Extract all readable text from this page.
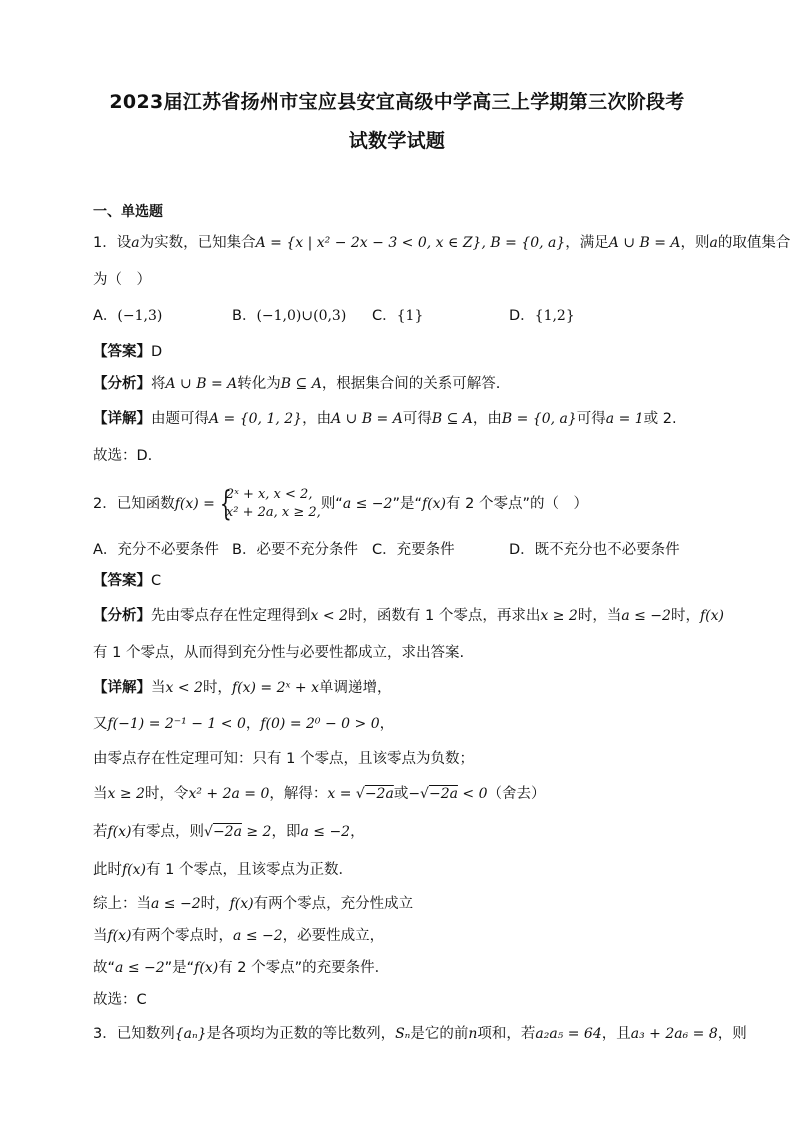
2023届江苏省扬州市宝应县安宜高级中学高三上学期第三次阶段考
试数学试题
一、单选题
1．设a为实数，已知集合A = {x | x² − 2x − 3 < 0, x ∈ Z}, B = {0, a}，满足A ∪ B = A，则a的取值集合
为（　）
A．(−1,3)	B．(−1,0)∪(0,3) C．{1}	D．{1,2}
【答案】D
【分析】将A ∪ B = A转化为B ⊆ A，根据集合间的关系可解答.
【详解】由题可得A = {0, 1, 2}，由A ∪ B = A可得B ⊆ A，由B = {0, a}可得a = 1或 2.
故选：D.
2．已知函数f(x) = {
2ˣ + x, x < 2,
x² + 2a, x ≥ 2,
则“a ≤ −2”是“f(x)有 2 个零点”的（　）
A．充分不必要条件 B．必要不充分条件 C．充要条件	D．既不充分也不必要条件
【答案】C
【分析】先由零点存在性定理得到x < 2时，函数有 1 个零点，再求出x ≥ 2时，当a ≤ −2时，f(x)
有 1 个零点，从而得到充分性与必要性都成立，求出答案.
【详解】当x < 2时，f(x) = 2ˣ + x单调递增，
又f(−1) = 2⁻¹ − 1 < 0，f(0) = 2⁰ − 0 > 0，
由零点存在性定理可知：只有 1 个零点，且该零点为负数；
当x ≥ 2时，令x² + 2a = 0，解得：x = √−2a或−√−2a < 0（舍去）
若f(x)有零点，则√−2a ≥ 2，即a ≤ −2，
此时f(x)有 1 个零点，且该零点为正数．
综上：当a ≤ −2时，f(x)有两个零点，充分性成立
当f(x)有两个零点时，a ≤ −2，必要性成立，
故“a ≤ −2”是“f(x)有 2 个零点”的充要条件．
故选：C
3．已知数列{aₙ}是各项均为正数的等比数列，Sₙ是它的前n项和，若a₂a₅ = 64，且a₃ + 2a₆ = 8，则
